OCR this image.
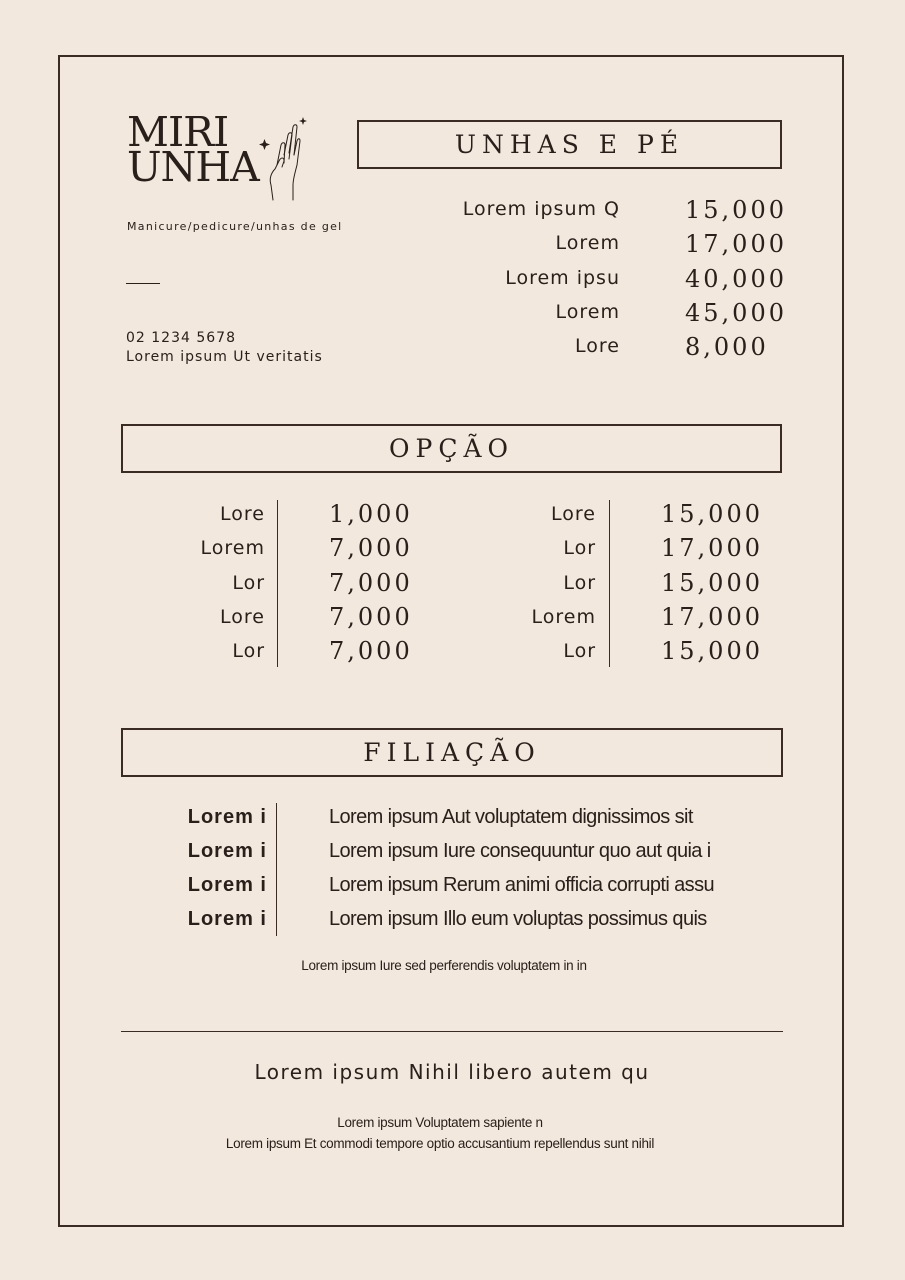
MIRI
UNHA
Manicure/pedicure/unhas de gel
02 1234 5678
Lorem ipsum Ut veritatis
UNHAS E PÉ
Lorem ipsum Q	15,000
Lorem	17,000
Lorem ipsu	40,000
Lorem	45,000
Lore	8,000
OPÇÃO
Lore	1,000
Lorem	7,000
Lor	7,000
Lore	7,000
Lor	7,000
Lore	15,000
Lor	17,000
Lor	15,000
Lorem	17,000
Lor	15,000
FILIAÇÃO
Lorem i	Lorem ipsum Aut voluptatem dignissimos sit
Lorem i	Lorem ipsum Iure consequuntur quo aut quia i
Lorem i	Lorem ipsum Rerum animi officia corrupti assu
Lorem i	Lorem ipsum Illo eum voluptas possimus quis
Lorem ipsum Iure sed perferendis voluptatem in in
Lorem ipsum Nihil libero autem qu
Lorem ipsum Voluptatem sapiente n
Lorem ipsum Et commodi tempore optio accusantium repellendus sunt nihil
